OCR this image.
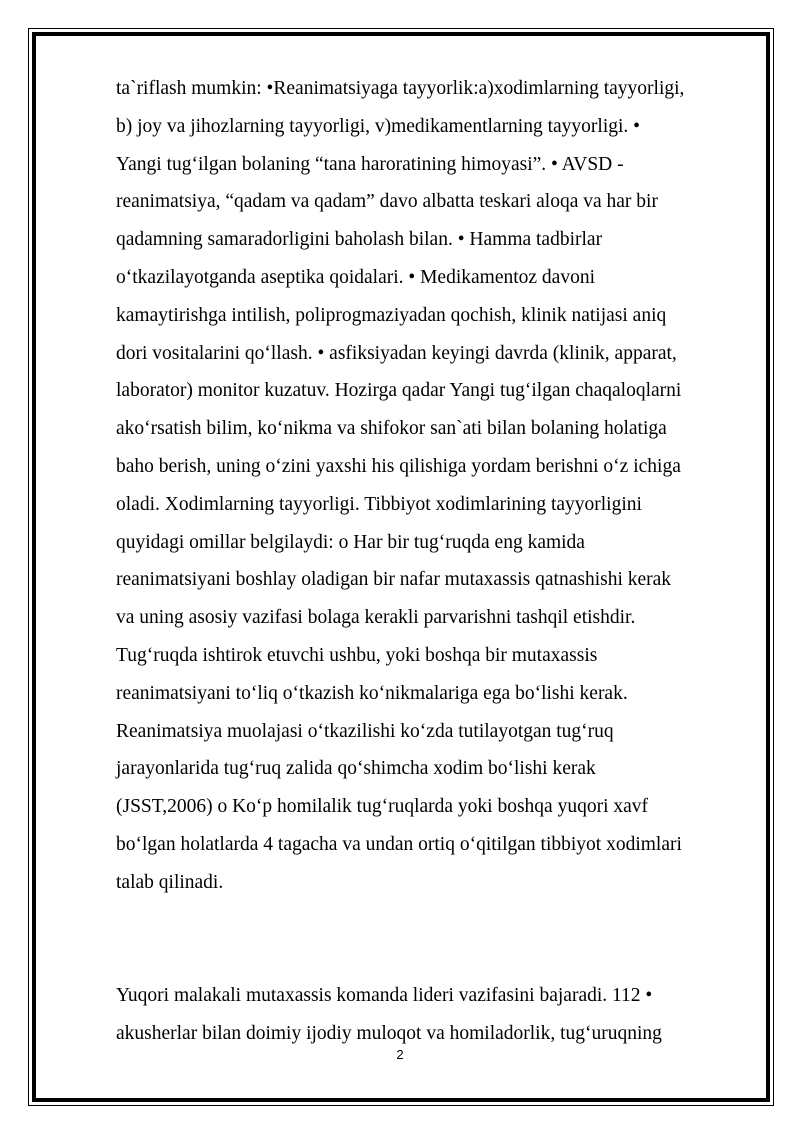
ta`riflash mumkin: •Reanimatsiyaga tayyorlik:a)xodimlarning tayyorligi,
b) joy va jihozlarning tayyorligi, v)medikamentlarning tayyorligi. •
Yangi tug‘ilgan bolaning “tana haroratining himoyasi”. • AVSD -
reanimatsiya, “qadam va qadam” davo albatta teskari aloqa va har bir
qadamning samaradorligini baholash bilan. • Hamma tadbirlar
o‘tkazilayotganda aseptika qoidalari. • Medikamentoz davoni
kamaytirishga intilish, poliprogmaziyadan qochish, klinik natijasi aniq
dori vositalarini qo‘llash. • asfiksiyadan keyingi davrda (klinik, apparat,
laborator) monitor kuzatuv. Hozirga qadar Yangi tug‘ilgan chaqaloqlarni
ako‘rsatish bilim, ko‘nikma va shifokor san`ati bilan bolaning holatiga
baho berish, uning o‘zini yaxshi his qilishiga yordam berishni o‘z ichiga
oladi. Xodimlarning tayyorligi. Tibbiyot xodimlarining tayyorligini
quyidagi omillar belgilaydi: o Har bir tug‘ruqda eng kamida
reanimatsiyani boshlay oladigan bir nafar mutaxassis qatnashishi kerak
va uning asosiy vazifasi bolaga kerakli parvarishni tashqil etishdir.
Tug‘ruqda ishtirok etuvchi ushbu, yoki boshqa bir mutaxassis
reanimatsiyani to‘liq o‘tkazish ko‘nikmalariga ega bo‘lishi kerak.
Reanimatsiya muolajasi o‘tkazilishi ko‘zda tutilayotgan tug‘ruq
jarayonlarida tug‘ruq zalida qo‘shimcha xodim bo‘lishi kerak
(JSST,2006) o Ko‘p homilalik tug‘ruqlarda yoki boshqa yuqori xavf
bo‘lgan holatlarda 4 tagacha va undan ortiq o‘qitilgan tibbiyot xodimlari
talab qilinadi.
Yuqori malakali mutaxassis komanda lideri vazifasini bajaradi. 112 •
akusherlar bilan doimiy ijodiy muloqot va homiladorlik, tug‘uruqning
2
